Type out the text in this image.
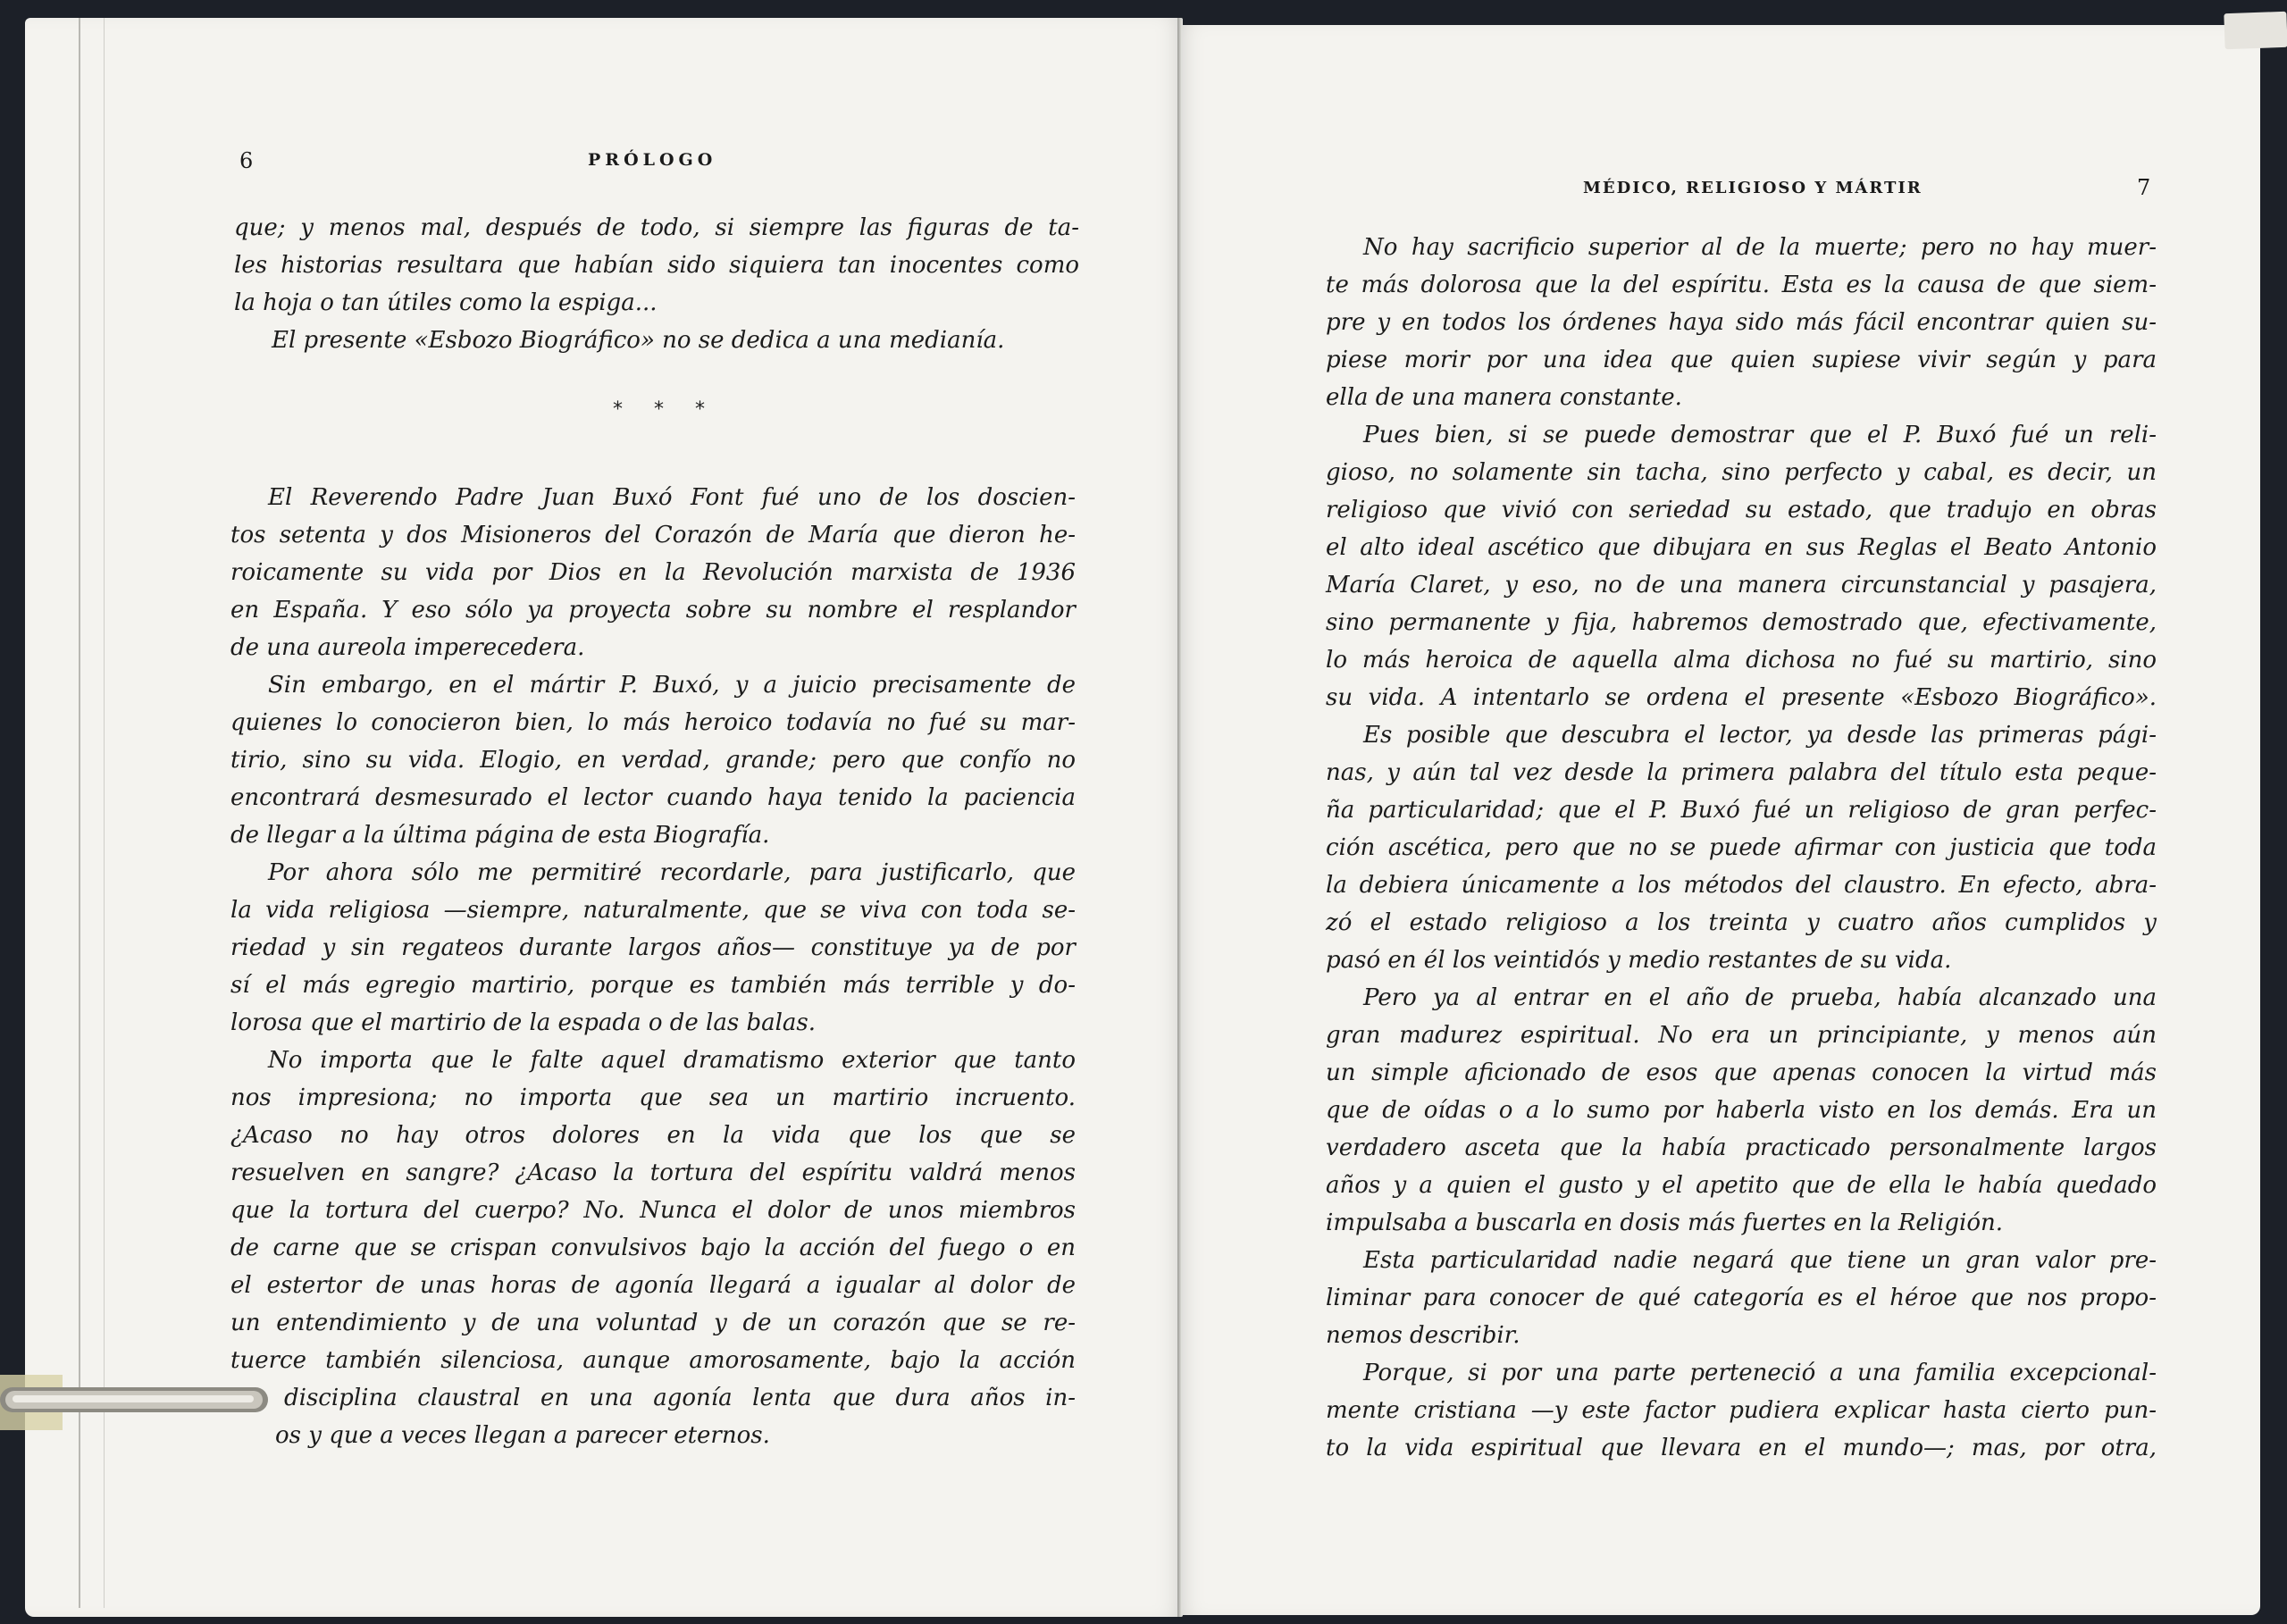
6	PRÓLOGO
que; y menos mal, después de todo, si siempre las figuras de ta-
les historias resultara que habían sido siquiera tan inocentes como
la hoja o tan útiles como la espiga...
El presente «Esbozo Biográfico» no se dedica a una medianía.
* * *
El Reverendo Padre Juan Buxó Font fué uno de los doscien-
tos setenta y dos Misioneros del Corazón de María que dieron he-
roicamente su vida por Dios en la Revolución marxista de 1936
en España. Y eso sólo ya proyecta sobre su nombre el resplandor
de una aureola imperecedera.
Sin embargo, en el mártir P. Buxó, y a juicio precisamente de
quienes lo conocieron bien, lo más heroico todavía no fué su mar-
tirio, sino su vida. Elogio, en verdad, grande; pero que confío no
encontrará desmesurado el lector cuando haya tenido la paciencia
de llegar a la última página de esta Biografía.
Por ahora sólo me permitiré recordarle, para justificarlo, que
la vida religiosa —siempre, naturalmente, que se viva con toda se-
riedad y sin regateos durante largos años— constituye ya de por
sí el más egregio martirio, porque es también más terrible y do-
lorosa que el martirio de la espada o de las balas.
No importa que le falte aquel dramatismo exterior que tanto
nos impresiona; no importa que sea un martirio incruento.
¿Acaso no hay otros dolores en la vida que los que se
resuelven en sangre? ¿Acaso la tortura del espíritu valdrá menos
que la tortura del cuerpo? No. Nunca el dolor de unos miembros
de carne que se crispan convulsivos bajo la acción del fuego o en
el estertor de unas horas de agonía llegará a igualar al dolor de
un entendimiento y de una voluntad y de un corazón que se re-
tuerce también silenciosa, aunque amorosamente, bajo la acción
disciplina claustral en una agonía lenta que dura años in-
os y que a veces llegan a parecer eternos.
MÉDICO, RELIGIOSO Y MÁRTIR	7
No hay sacrificio superior al de la muerte; pero no hay muer-
te más dolorosa que la del espíritu. Esta es la causa de que siem-
pre y en todos los órdenes haya sido más fácil encontrar quien su-
piese morir por una idea que quien supiese vivir según y para
ella de una manera constante.
Pues bien, si se puede demostrar que el P. Buxó fué un reli-
gioso, no solamente sin tacha, sino perfecto y cabal, es decir, un
religioso que vivió con seriedad su estado, que tradujo en obras
el alto ideal ascético que dibujara en sus Reglas el Beato Antonio
María Claret, y eso, no de una manera circunstancial y pasajera,
sino permanente y fija, habremos demostrado que, efectivamente,
lo más heroica de aquella alma dichosa no fué su martirio, sino
su vida. A intentarlo se ordena el presente «Esbozo Biográfico».
Es posible que descubra el lector, ya desde las primeras pági-
nas, y aún tal vez desde la primera palabra del título esta peque-
ña particularidad; que el P. Buxó fué un religioso de gran perfec-
ción ascética, pero que no se puede afirmar con justicia que toda
la debiera únicamente a los métodos del claustro. En efecto, abra-
zó el estado religioso a los treinta y cuatro años cumplidos y
pasó en él los veintidós y medio restantes de su vida.
Pero ya al entrar en el año de prueba, había alcanzado una
gran madurez espiritual. No era un principiante, y menos aún
un simple aficionado de esos que apenas conocen la virtud más
que de oídas o a lo sumo por haberla visto en los demás. Era un
verdadero asceta que la había practicado personalmente largos
años y a quien el gusto y el apetito que de ella le había quedado
impulsaba a buscarla en dosis más fuertes en la Religión.
Esta particularidad nadie negará que tiene un gran valor pre-
liminar para conocer de qué categoría es el héroe que nos propo-
nemos describir.
Porque, si por una parte perteneció a una familia excepcional-
mente cristiana —y este factor pudiera explicar hasta cierto pun-
to la vida espiritual que llevara en el mundo—; mas, por otra,
